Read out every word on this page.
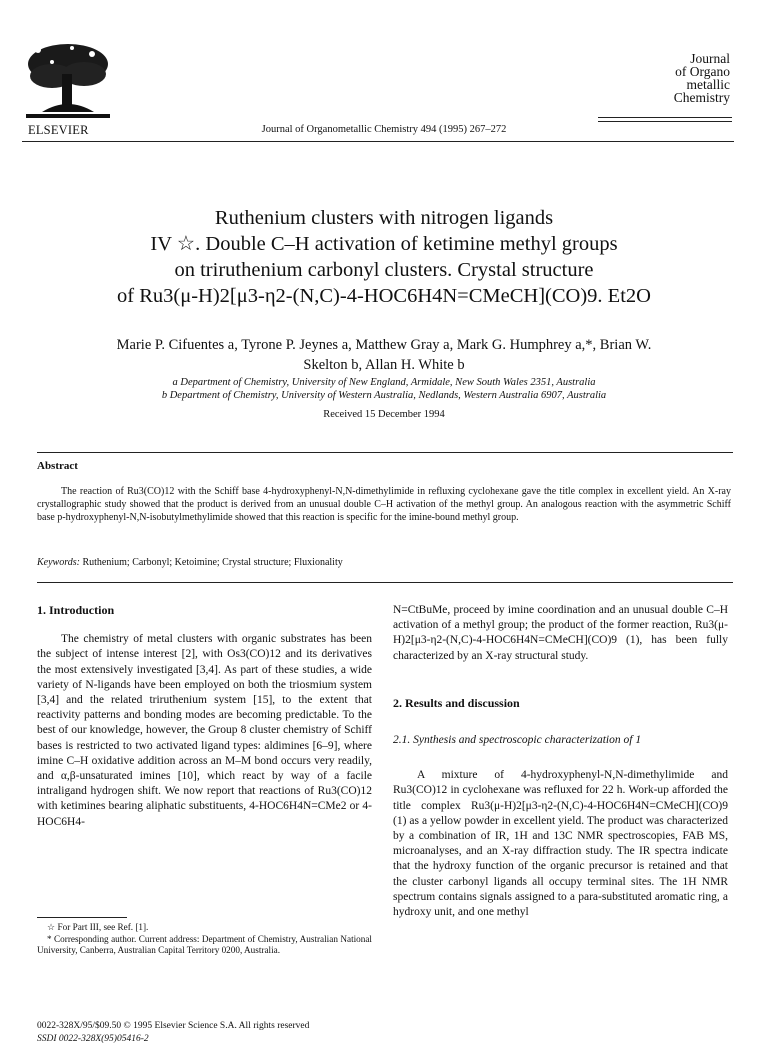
ELSEVIER	Journal of Organometallic Chemistry 494 (1995) 267–272
Journal
of Organo
metallic
Chemistry
Ruthenium clusters with nitrogen ligands
IV ☆. Double C–H activation of ketimine methyl groups
on triruthenium carbonyl clusters. Crystal structure
of Ru3(μ-H)2[μ3-η2-(N,C)-4-HOC6H4N=CMeCH](CO)9. Et2O
Marie P. Cifuentes a, Tyrone P. Jeynes a, Matthew Gray a, Mark G. Humphrey a,*, Brian W.
Skelton b, Allan H. White b
a Department of Chemistry, University of New England, Armidale, New South Wales 2351, Australia
b Department of Chemistry, University of Western Australia, Nedlands, Western Australia 6907, Australia
Received 15 December 1994
Abstract

The reaction of Ru3(CO)12 with the Schiff base 4-hydroxyphenyl-N,N-dimethylimide in refluxing cyclohexane gave the title complex in excellent yield. An X-ray crystallographic study showed that the product is derived from an unusual double C–H activation of the methyl group. An analogous reaction with the asymmetric Schiff base p-hydroxyphenyl-N,N-isobutylmethylimide showed that this reaction is specific for the imine-bound methyl group.

Keywords: Ruthenium; Carbonyl; Ketoimine; Crystal structure; Fluxionality
1. Introduction

The chemistry of metal clusters with organic substrates has been the subject of intense interest [2], with Os3(CO)12 and its derivatives the most extensively investigated [3,4]. As part of these studies, a wide variety of N-ligands have been employed on both the triosmium system [3,4] and the related triruthenium system [15], to the extent that reactivity patterns and bonding modes are becoming predictable. To the best of our knowledge, however, the Group 8 cluster chemistry of Schiff bases is restricted to two activated ligand types: aldimines [6–9], where imine C–H oxidative addition across an M–M bond occurs very readily, and α,β-unsaturated imines [10], which react by way of a facile intraligand hydrogen shift. We now report that reactions of Ru3(CO)12 with ketimines bearing aliphatic substituents, 4-HOC6H4N=CMe2 or 4-HOC6H4-

☆ For Part III, see Ref. [1].
* Corresponding author. Current address: Department of Chemistry, Australian National University, Canberra, Australian Capital Territory 0200, Australia.
0022-328X/95/$09.50 © 1995 Elsevier Science S.A. All rights reserved
SSDI 0022-328X(95)05416-2

N=CtBuMe, proceed by imine coordination and an unusual double C–H activation of a methyl group; the product of the former reaction, Ru3(μ-H)2[μ3-η2-(N,C)-4-HOC6H4N=CMeCH](CO)9 (1), has been fully characterized by an X-ray structural study.

2. Results and discussion
2.1. Synthesis and spectroscopic characterization of 1

A mixture of 4-hydroxyphenyl-N,N-dimethylimide and Ru3(CO)12 in cyclohexane was refluxed for 22 h. Work-up afforded the title complex Ru3(μ-H)2[μ3-η2-(N,C)-4-HOC6H4N=CMeCH](CO)9 (1) as a yellow powder in excellent yield. The product was characterized by a combination of IR, 1H and 13C NMR spectroscopies, FAB MS, microanalyses, and an X-ray diffraction study. The IR spectra indicate that the hydroxy function of the organic precursor is retained and that the cluster carbonyl ligands all occupy terminal sites. The 1H NMR spectrum contains signals assigned to a para-substituted aromatic ring, a hydroxy unit, and one methyl
